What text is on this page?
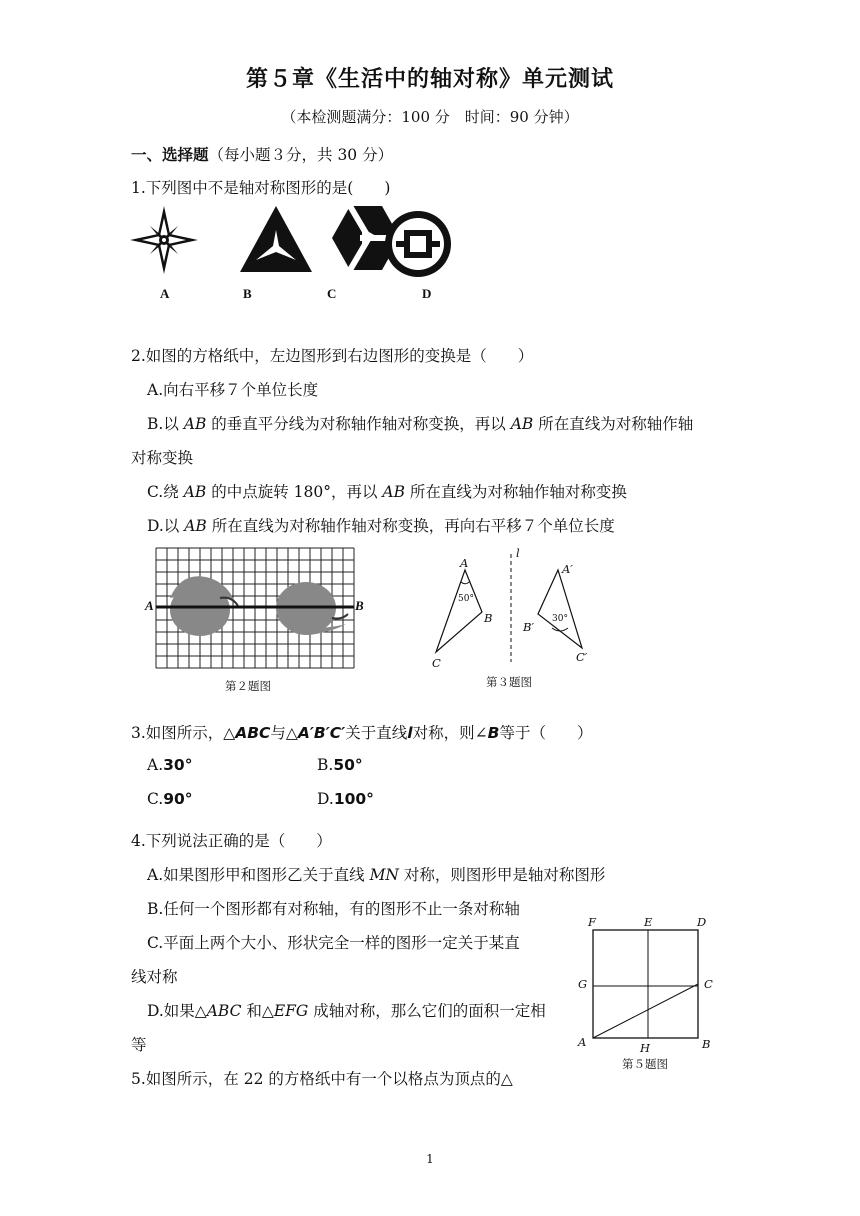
第５章《生活中的轴对称》单元测试
（本检测题满分：100 分　时间：90 分钟）
一、选择题（每小题３分，共 30 分）
1.下列图中不是轴对称图形的是(　　)
A	B	C	D
2.如图的方格纸中，左边图形到右边图形的变换是（　　）
A.向右平移７个单位长度
B.以 AB 的垂直平分线为对称轴作轴对称变换，再以 AB 所在直线为对称轴作轴
对称变换
C.绕 AB 的中点旋转 180°，再以 AB 所在直线为对称轴作轴对称变换
D.以 AB 所在直线为对称轴作轴对称变换，再向右平移７个单位长度
A	B
第２题图
A
50°
B
C
l
A′
B′
30°
C′
第３题图
3.如图所示，△ABC与△A′B′C′关于直线l对称，则∠B等于（　　）
A.30°	B.50°
C.90°	D.100°
4.下列说法正确的是（　　）
A.如果图形甲和图形乙关于直线 MN 对称，则图形甲是轴对称图形
B.任何一个图形都有对称轴，有的图形不止一条对称轴
C.平面上两个大小、形状完全一样的图形一定关于某直
线对称
D.如果△ABC 和△EFG 成轴对称，那么它们的面积一定相
等
F	E	D
G	C
A	H	B
第５题图
5.如图所示，在 22 的方格纸中有一个以格点为顶点的△
1
